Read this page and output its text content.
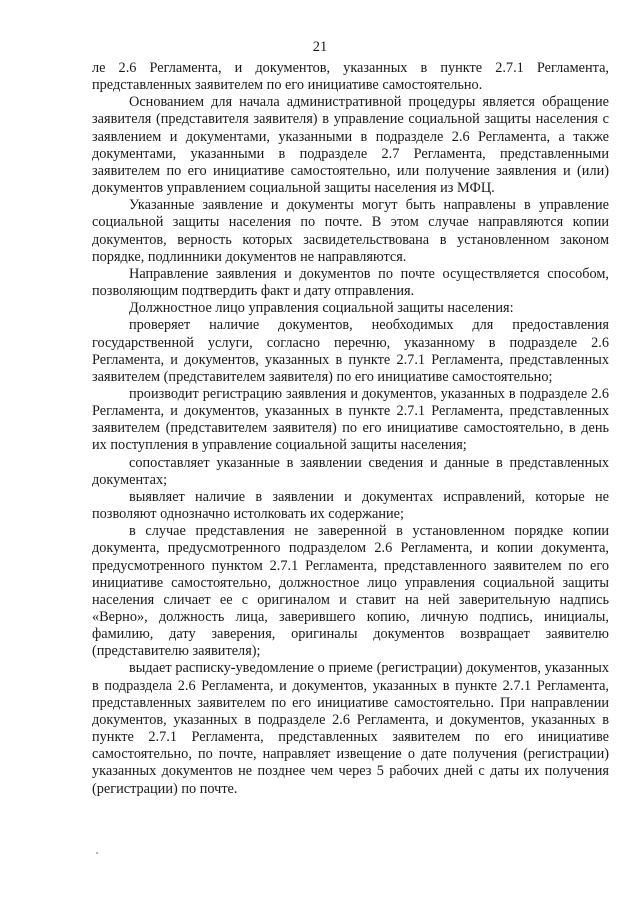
21

ле 2.6 Регламента, и документов, указанных в пункте 2.7.1 Регламента, представленных заявителем по его инициативе самостоятельно.

Основанием для начала административной процедуры является обращение заявителя (представителя заявителя) в управление социальной защиты населения с заявлением и документами, указанными в подразделе 2.6 Регламента, а также документами, указанными в подразделе 2.7 Регламента, представленными заявителем по его инициативе самостоятельно, или получение заявления и (или) документов управлением социальной защиты населения из МФЦ.

Указанные заявление и документы могут быть направлены в управление социальной защиты населения по почте. В этом случае направляются копии документов, верность которых засвидетельствована в установленном законом порядке, подлинники документов не направляются.

Направление заявления и документов по почте осуществляется способом, позволяющим подтвердить факт и дату отправления.

Должностное лицо управления социальной защиты населения:

проверяет наличие документов, необходимых для предоставления государственной услуги, согласно перечню, указанному в подразделе 2.6 Регламента, и документов, указанных в пункте 2.7.1 Регламента, представленных заявителем (представителем заявителя) по его инициативе самостоятельно;

производит регистрацию заявления и документов, указанных в подразделе 2.6 Регламента, и документов, указанных в пункте 2.7.1 Регламента, представленных заявителем (представителем заявителя) по его инициативе самостоятельно, в день их поступления в управление социальной защиты населения;

сопоставляет указанные в заявлении сведения и данные в представленных документах;

выявляет наличие в заявлении и документах исправлений, которые не позволяют однозначно истолковать их содержание;

в случае представления не заверенной в установленном порядке копии документа, предусмотренного подразделом 2.6 Регламента, и копии документа, предусмотренного пунктом 2.7.1 Регламента, представленного заявителем по его инициативе самостоятельно, должностное лицо управления социальной защиты населения сличает ее с оригиналом и ставит на ней заверительную надпись «Верно», должность лица, заверившего копию, личную подпись, инициалы, фамилию, дату заверения, оригиналы документов возвращает заявителю (представителю заявителя);

выдает расписку-уведомление о приеме (регистрации) документов, указанных в подраздела 2.6 Регламента, и документов, указанных в пункте 2.7.1 Регламента, представленных заявителем по его инициативе самостоятельно. При направлении документов, указанных в подразделе 2.6 Регламента, и документов, указанных в пункте 2.7.1 Регламента, представленных заявителем по его инициативе самостоятельно, по почте, направляет извещение о дате получения (регистрации) указанных документов не позднее чем через 5 рабочих дней с даты их получения (регистрации) по почте.
